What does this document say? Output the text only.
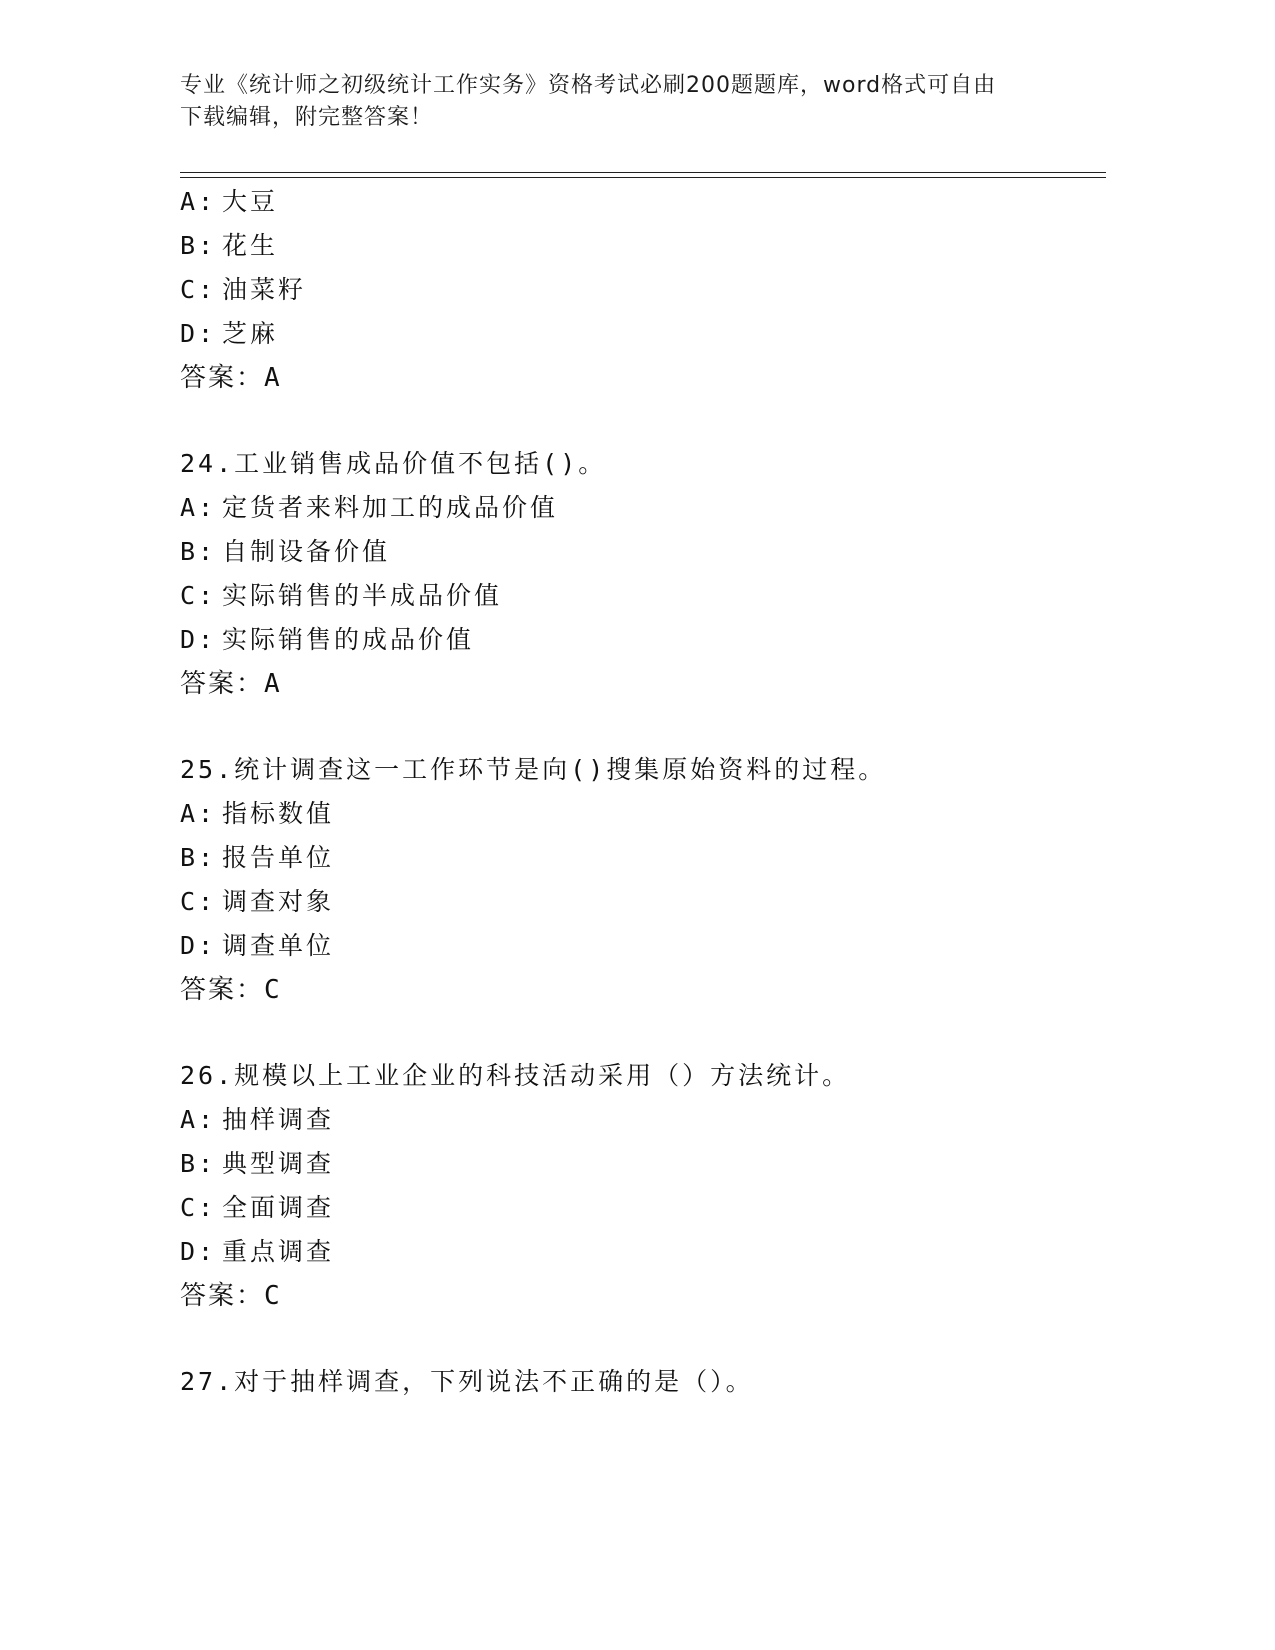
专业《统计师之初级统计工作实务》资格考试必刷200题题库，word格式可自由
下载编辑，附完整答案！
A: 大豆
B: 花生
C: 油菜籽
D: 芝麻
答案：A
24.工业销售成品价值不包括()。
A: 定货者来料加工的成品价值
B: 自制设备价值
C: 实际销售的半成品价值
D: 实际销售的成品价值
答案：A
25.统计调查这一工作环节是向()搜集原始资料的过程。
A: 指标数值
B: 报告单位
C: 调查对象
D: 调查单位
答案：C
26.规模以上工业企业的科技活动采用（）方法统计。
A: 抽样调查
B: 典型调查
C: 全面调查
D: 重点调查
答案：C
27.对于抽样调查，下列说法不正确的是（）。
